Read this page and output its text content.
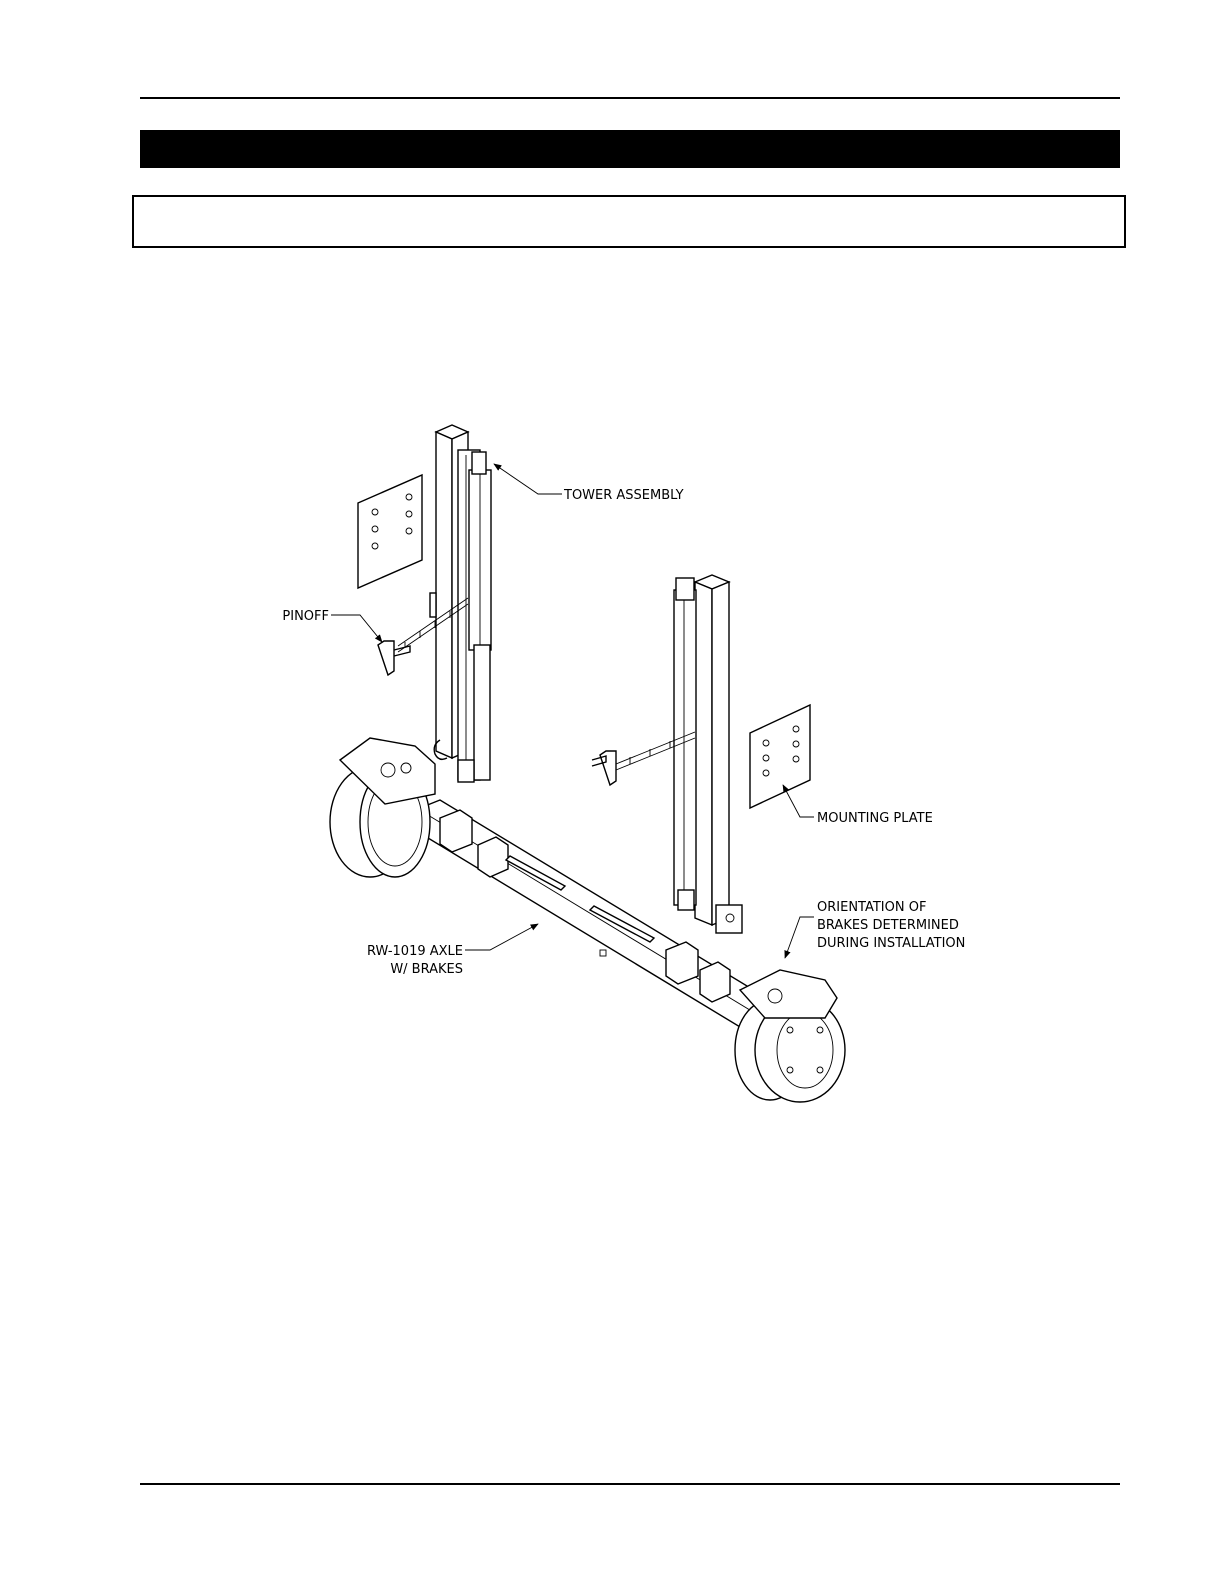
TOWER ASSEMBLY
PINOFF
MOUNTING PLATE
ORIENTATION OF
BRAKES DETERMINED
DURING INSTALLATION
RW-1019 AXLE
W/ BRAKES
